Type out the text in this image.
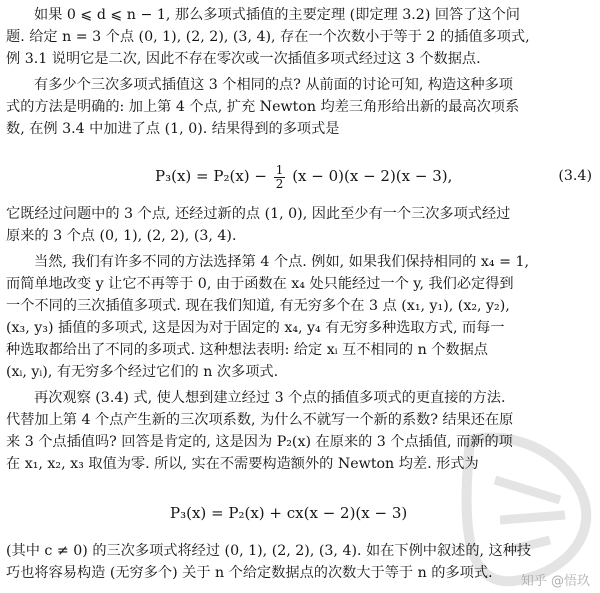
如果 0 ⩽ d ⩽ n − 1, 那么多项式插值的主要定理 (即定理 3.2) 回答了这个问
题. 给定 n = 3 个点 (0, 1), (2, 2), (3, 4), 存在一个次数小于等于 2 的插值多项式,
例 3.1 说明它是二次, 因此不存在零次或一次插值多项式经过这 3 个数据点.
有多少个三次多项式插值这 3 个相同的点? 从前面的讨论可知, 构造这种多项
式的方法是明确的: 加上第 4 个点, 扩充 Newton 均差三角形给出新的最高次项系
数, 在例 3.4 中加进了点 (1, 0). 结果得到的多项式是
$P_3(x) = P_2(x) - \frac{1}{2} (x - 0)(x - 2)(x - 3)$,	(3.4)
它既经过问题中的 3 个点, 还经过新的点 (1, 0), 因此至少有一个三次多项式经过
原来的 3 个点 (0, 1), (2, 2), (3, 4).
当然, 我们有许多不同的方法选择第 4 个点. 例如, 如果我们保持相同的 x₄ = 1,
而简单地改变 y 让它不再等于 0, 由于函数在 x₄ 处只能经过一个 y, 我们必定得到
一个不同的三次插值多项式. 现在我们知道, 有无穷多个在 3 点 (x₁, y₁), (x₂, y₂),
(x₃, y₃) 插值的多项式, 这是因为对于固定的 x₄, y₄ 有无穷多种选取方式, 而每一
种选取都给出了不同的多项式. 这种想法表明: 给定 xᵢ 互不相同的 n 个数据点
(xᵢ, yᵢ), 有无穷多个经过它们的 n 次多项式.
再次观察 (3.4) 式, 使人想到建立经过 3 个点的插值多项式的更直接的方法.
代替加上第 4 个点产生新的三次项系数, 为什么不就写一个新的系数? 结果还在原
来 3 个点插值吗? 回答是肯定的, 这是因为 P₂(x) 在原来的 3 个点插值, 而新的项
在 x₁, x₂, x₃ 取值为零. 所以, 实在不需要构造额外的 Newton 均差. 形式为
P₃(x) = P₂(x) + cx(x − 2)(x − 3)
(其中 c ≠ 0) 的三次多项式将经过 (0, 1), (2, 2), (3, 4). 如在下例中叙述的, 这种技
巧也将容易构造 (无穷多个) 关于 n 个给定数据点的次数大于等于 n 的多项式.
知乎 @悟玖
